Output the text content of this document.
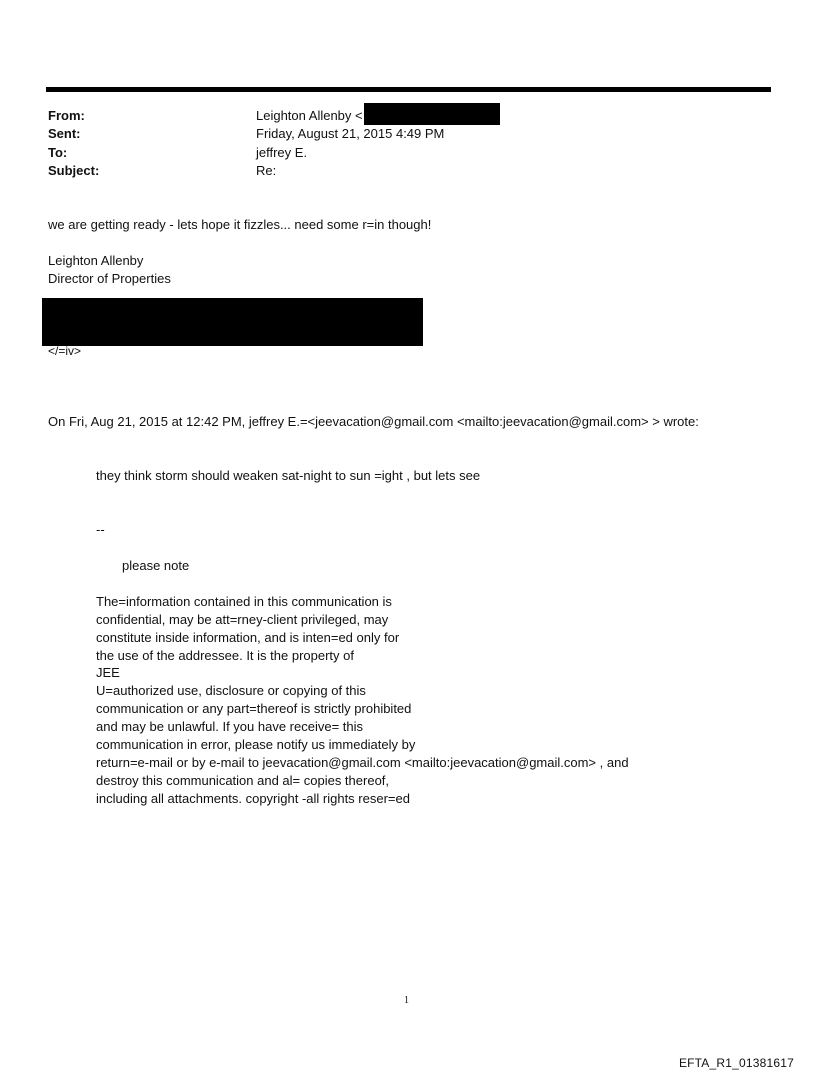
From:	Leighton Allenby <
Sent:	Friday, August 21, 2015 4:49 PM
To:	jeffrey E.
Subject:	Re:
we are getting ready - lets hope it fizzles... need some r=in though!
Leighton Allenby
Director of Properties
</=iv>
On Fri, Aug 21, 2015 at 12:42 PM, jeffrey E.=<jeevacation@gmail.com <mailto:jeevacation@gmail.com> > wrote:
they think storm should weaken sat-night to sun =ight , but lets see
--
please note
The=information contained in this communication is
confidential, may be att=rney-client privileged, may
constitute inside information, and is inten=ed only for
the use of the addressee. It is the property of
JEE
U=authorized use, disclosure or copying of this
communication or any part=thereof is strictly prohibited
and may be unlawful. If you have receive= this
communication in error, please notify us immediately by
return=e-mail or by e-mail to jeevacation@gmail.com <mailto:jeevacation@gmail.com> , and
destroy this communication and al= copies thereof,
including all attachments. copyright -all rights reser=ed
1
EFTA_R1_01381617
